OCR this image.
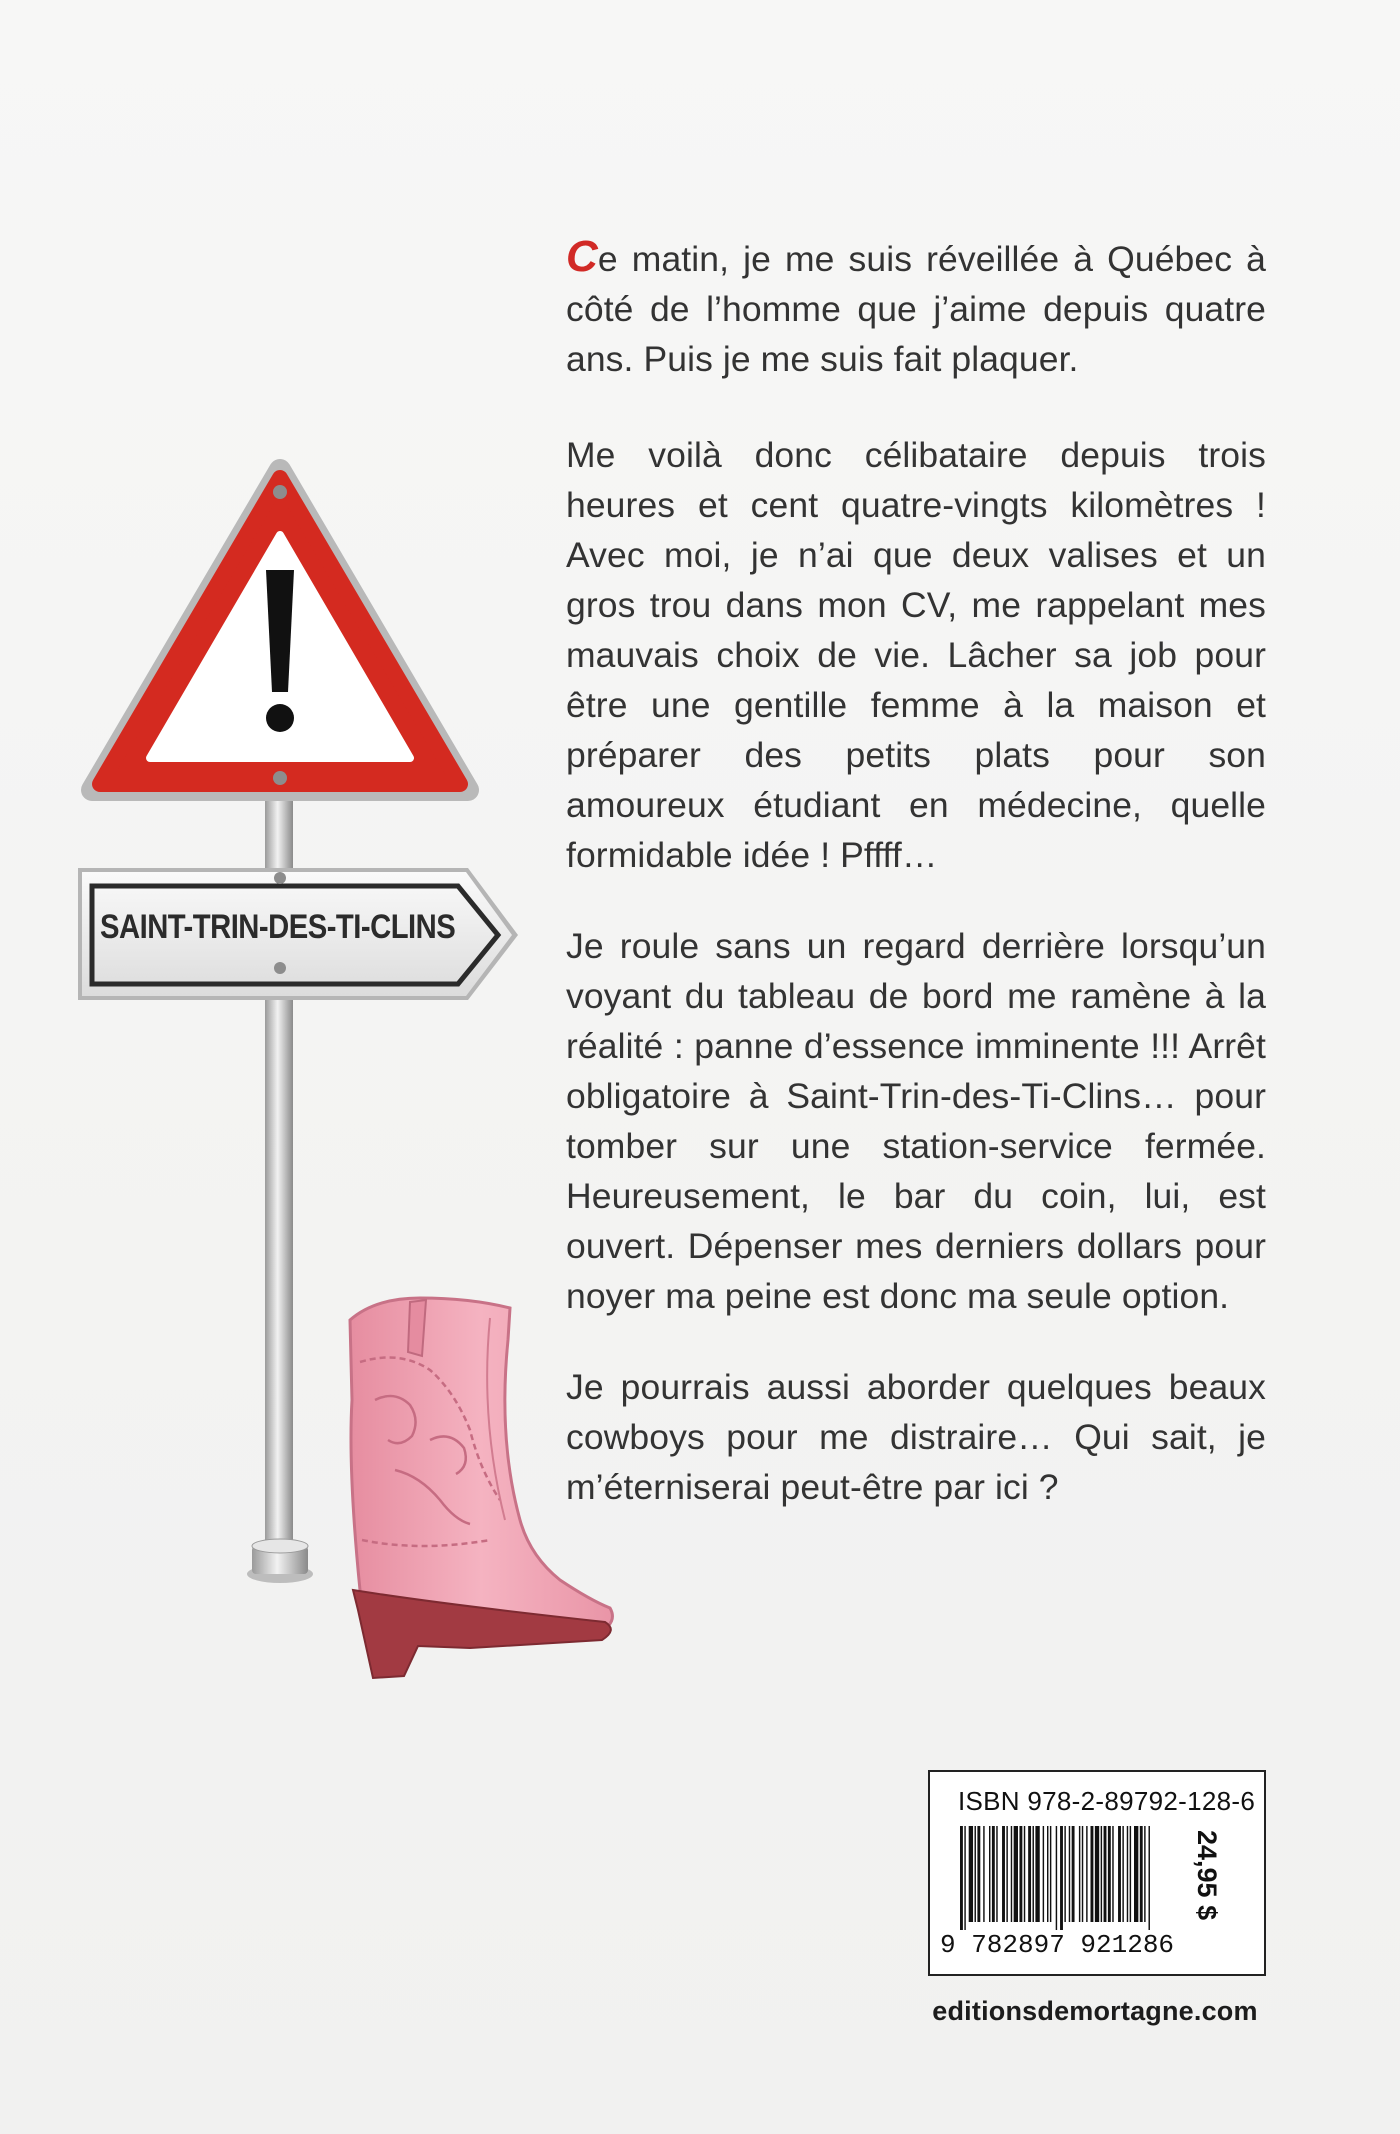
SAINT-TRIN-DES-TI-CLINS

Ce matin, je me suis réveillée à Québec à côté de l’homme que j’aime depuis quatre ans. Puis je me suis fait plaquer.

Me voilà donc célibataire depuis trois heures et cent quatre-vingts kilomètres ! Avec moi, je n’ai que deux valises et un gros trou dans mon CV, me rappelant mes mauvais choix de vie. Lâcher sa job pour être une gentille femme à la maison et préparer des petits plats pour son amoureux étudiant en médecine, quelle formidable idée ! Pffff…

Je roule sans un regard derrière lorsqu’un voyant du tableau de bord me ramène à la réalité : panne d’essence imminente !!! Arrêt obligatoire à Saint-Trin-des-Ti-Clins… pour tomber sur une station-service fermée. Heureusement, le bar du coin, lui, est ouvert. Dépenser mes derniers dollars pour noyer ma peine est donc ma seule option.

Je pourrais aussi aborder quelques beaux cowboys pour me distraire… Qui sait, je m’éterniserai peut-être par ici ?

ISBN 978-2-89792-128-6
9 782897 921286
24,95 $
editionsdemortagne.com
